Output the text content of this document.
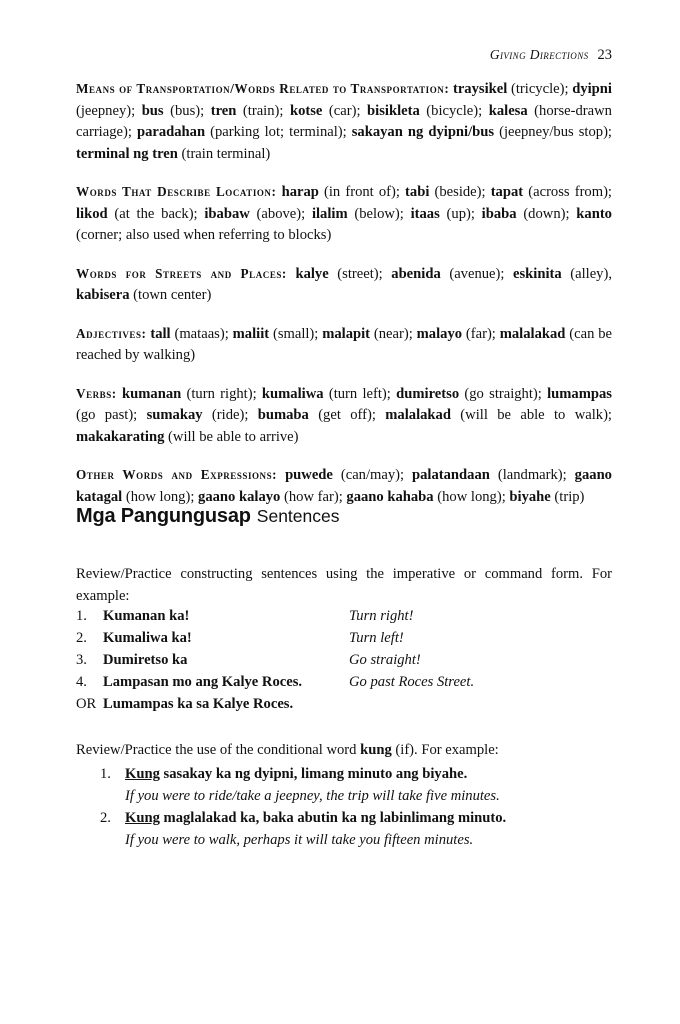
Giving Directions 23

Means of Transportation/Words Related to Transportation: traysikel (tricycle); dyipni (jeepney); bus (bus); tren (train); kotse (car); bisikleta (bicycle); kalesa (horse-drawn carriage); paradahan (parking lot; terminal); sakayan ng dyipni/bus (jeepney/bus stop); terminal ng tren (train terminal)

Words That Describe Location: harap (in front of); tabi (beside); tapat (across from); likod (at the back); ibabaw (above); ilalim (below); itaas (up); ibaba (down); kanto (corner; also used when referring to blocks)

Words for Streets and Places: kalye (street); abenida (avenue); eskinita (alley), kabisera (town center)

Adjectives: tall (mataas); maliit (small); malapit (near); malayo (far); malalakad (can be reached by walking)

Verbs: kumanan (turn right); kumaliwa (turn left); dumiretso (go straight); lumampas (go past); sumakay (ride); bumaba (get off); malalakad (will be able to walk); makakarating (will be able to arrive)

Other Words and Expressions: puwede (can/may); palatandaan (landmark); gaano katagal (how long); gaano kalayo (how far); gaano kahaba (how long); biyahe (trip)

Mga Pangungusap Sentences

Review/Practice constructing sentences using the imperative or command form. For example:

1.	Kumanan ka!	Turn right!
2.	Kumaliwa ka!	Turn left!
3.	Dumiretso ka	Go straight!
4.	Lampasan mo ang Kalye Roces.	Go past Roces Street.
OR Lumampas ka sa Kalye Roces.

Review/Practice the use of the conditional word kung (if). For example:

1. Kung sasakay ka ng dyipni, limang minuto ang biyahe.
If you were to ride/take a jeepney, the trip will take five minutes.
2. Kung maglalakad ka, baka abutin ka ng labinlimang minuto.
If you were to walk, perhaps it will take you fifteen minutes.
